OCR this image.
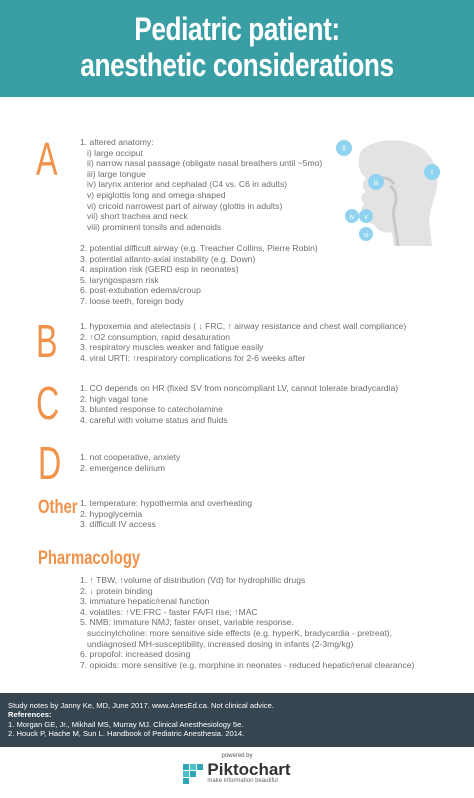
Pediatric patient:
anesthetic considerations
A	1. altered anatomy:
i) large occiput
ii) narrow nasal passage (obligate nasal breathers until ~5mo)
iii) large tongue
iv) larynx anterior and cephalad (C4 vs. C6 in adults)
v) epiglottis long and omega-shaped
vi) cricoid narrowest part of airway (glottis in adults)
vii) short trachea and neck
viii) prominent tonsils and adenoids
2. potential difficult airway (e.g. Treacher Collins, Pierre Robin)
3. potential atlanto-axial instability (e.g. Down)
4. aspiration risk (GERD esp in neonates)
5. laryngospasm risk
6. post-extubation edema/croup
7. loose teeth, foreign body
ii
i
iii
iv v
vi
B	1. hypoxemia and atelectasis ( ↓ FRC, ↑ airway resistance and chest wall compliance)
2. ↑O2 consumption, rapid desaturation
3. respiratory muscles weaker and fatigue easily
4. viral URTI: ↑respiratory complications for 2-6 weeks after
C 1. CO depends on HR (fixed SV from noncompliant LV, cannot tolerate bradycardia)
2. high vagal tone
3. blunted response to catecholamine
4. careful with volume status and fluids
D 1. not cooperative, anxiety
2. emergence delirium
Other 1. temperature: hypothermia and overheating
2. hypoglycemia
3. difficult IV access
Pharmacology
1. ↑ TBW, ↑volume of distribution (Vd) for hydrophillic drugs
2. ↓ protein binding
3. immature hepatic/renal function
4. volatiles: ↑VE:FRC - faster FA/FI rise; ↑MAC
5. NMB: immature NMJ; faster onset, variable response.
succinylcholine: more sensitive side effects (e.g. hyperK, bradycardia - pretreat),
undiagnosed MH-susceptibility, increased dosing in infants (2-3mg/kg)
6. propofol: increased dosing
7. opioids: more sensitive (e.g. morphine in neonates - reduced hepatic/renal clearance)
Study notes by Janny Ke, MD, June 2017. www.AnesEd.ca. Not clinical advice.
References:
1. Morgan GE, Jr., Mikhail MS, Murray MJ. Clinical Anesthesiology 5e.
2. Houck P, Hache M, Sun L. Handbook of Pediatric Anesthesia. 2014.
powered by
Piktochart
make information beautiful
